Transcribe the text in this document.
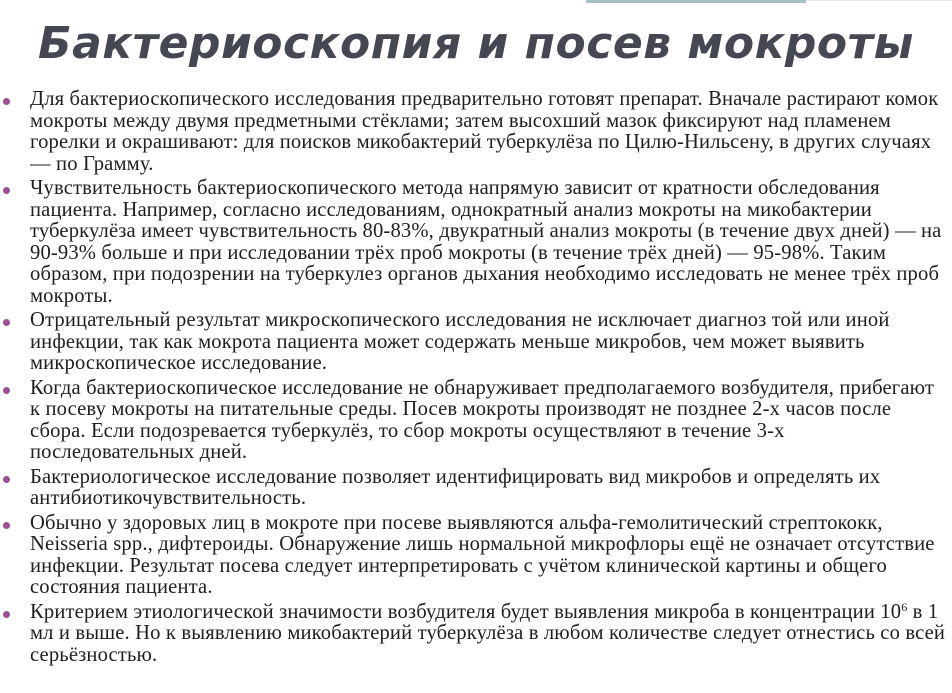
Бактериоскопия и посев мокроты
Для бактериоскопического исследования предварительно готовят препарат. Вначале растирают комок мокроты между двумя предметными стёклами; затем высохший мазок фиксируют над пламенем горелки и окрашивают: для поисков микобактерий туберкулёза по Цилю-Нильсену, в других случаях — по Грамму.
Чувствительность бактериоскопического метода напрямую зависит от кратности обследования пациента. Например, согласно исследованиям, однократный анализ мокроты на микобактерии туберкулёза имеет чувствительность 80-83%, двукратный анализ мокроты (в течение двух дней) — на 90-93% больше и при исследовании трёх проб мокроты (в течение трёх дней) — 95-98%. Таким образом, при подозрении на туберкулез органов дыхания необходимо исследовать не менее трёх проб мокроты.
Отрицательный результат микроскопического исследования не исключает диагноз той или иной инфекции, так как мокрота пациента может содержать меньше микробов, чем может выявить микроскопическое исследование.
Когда бактериоскопическое исследование не обнаруживает предполагаемого возбудителя, прибегают к посеву мокроты на питательные среды. Посев мокроты производят не позднее 2-х часов после сбора. Если подозревается туберкулёз, то сбор мокроты осуществляют в течение 3-х последовательных дней.
Бактериологическое исследование позволяет идентифицировать вид микробов и определять их антибиотикочувствительность.
Обычно у здоровых лиц в мокроте при посеве выявляются альфа-гемолитический стрептококк, Neisseria spp., дифтероиды. Обнаружение лишь нормальной микрофлоры ещё не означает отсутствие инфекции. Результат посева следует интерпретировать с учётом клинической картины и общего состояния пациента.
Критерием этиологической значимости возбудителя будет выявления микроба в концентрации $10^6$ в 1 мл и выше. Но к выявлению микобактерий туберкулёза в любом количестве следует отнестись со всей серьёзностью.
